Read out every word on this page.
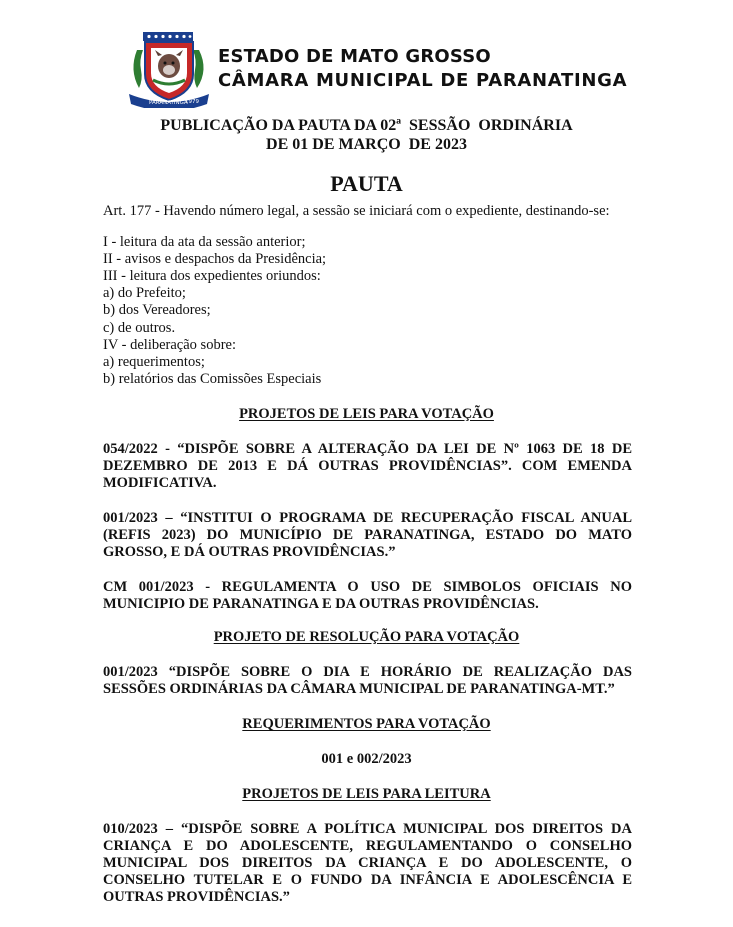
PARANATINGA
1979
ESTADO DE MATO GROSSO
CÂMARA MUNICIPAL DE PARANATINGA
PUBLICAÇÃO DA PAUTA DA 02ª  SESSÃO  ORDINÁRIA
DE 01 DE MARÇO  DE 2023
PAUTA
Art. 177 - Havendo número legal, a sessão se iniciará com o expediente, destinando-se:
I - leitura da ata da sessão anterior;
II - avisos e despachos da Presidência;
III - leitura dos expedientes oriundos:
a) do Prefeito;
b) dos Vereadores;
c) de outros.
IV - deliberação sobre:
a) requerimentos;
b) relatórios das Comissões Especiais
PROJETOS DE LEIS PARA VOTAÇÃO
054/2022 - “DISPÕE SOBRE A ALTERAÇÃO DA LEI DE Nº 1063 DE 18 DE DEZEMBRO DE 2013 E DÁ OUTRAS PROVIDÊNCIAS”. COM EMENDA MODIFICATIVA.
001/2023 – “INSTITUI O PROGRAMA DE RECUPERAÇÃO FISCAL ANUAL (REFIS 2023) DO MUNICÍPIO DE PARANATINGA, ESTADO DO MATO GROSSO, E DÁ OUTRAS PROVIDÊNCIAS.”
CM 001/2023 - REGULAMENTA O USO DE SIMBOLOS OFICIAIS NO MUNICIPIO DE PARANATINGA E DA OUTRAS PROVIDÊNCIAS.
PROJETO DE RESOLUÇÃO PARA VOTAÇÃO
001/2023 “DISPÕE SOBRE O DIA E HORÁRIO DE REALIZAÇÃO DAS SESSÕES ORDINÁRIAS DA CÂMARA MUNICIPAL DE PARANATINGA-MT.”
REQUERIMENTOS PARA VOTAÇÃO
001 e 002/2023
PROJETOS DE LEIS PARA LEITURA
010/2023 – “DISPÕE SOBRE A POLÍTICA MUNICIPAL DOS DIREITOS DA CRIANÇA E DO ADOLESCENTE, REGULAMENTANDO O CONSELHO MUNICIPAL DOS DIREITOS DA CRIANÇA E DO ADOLESCENTE, O CONSELHO TUTELAR E O FUNDO DA INFÂNCIA E ADOLESCÊNCIA E OUTRAS PROVIDÊNCIAS.”
